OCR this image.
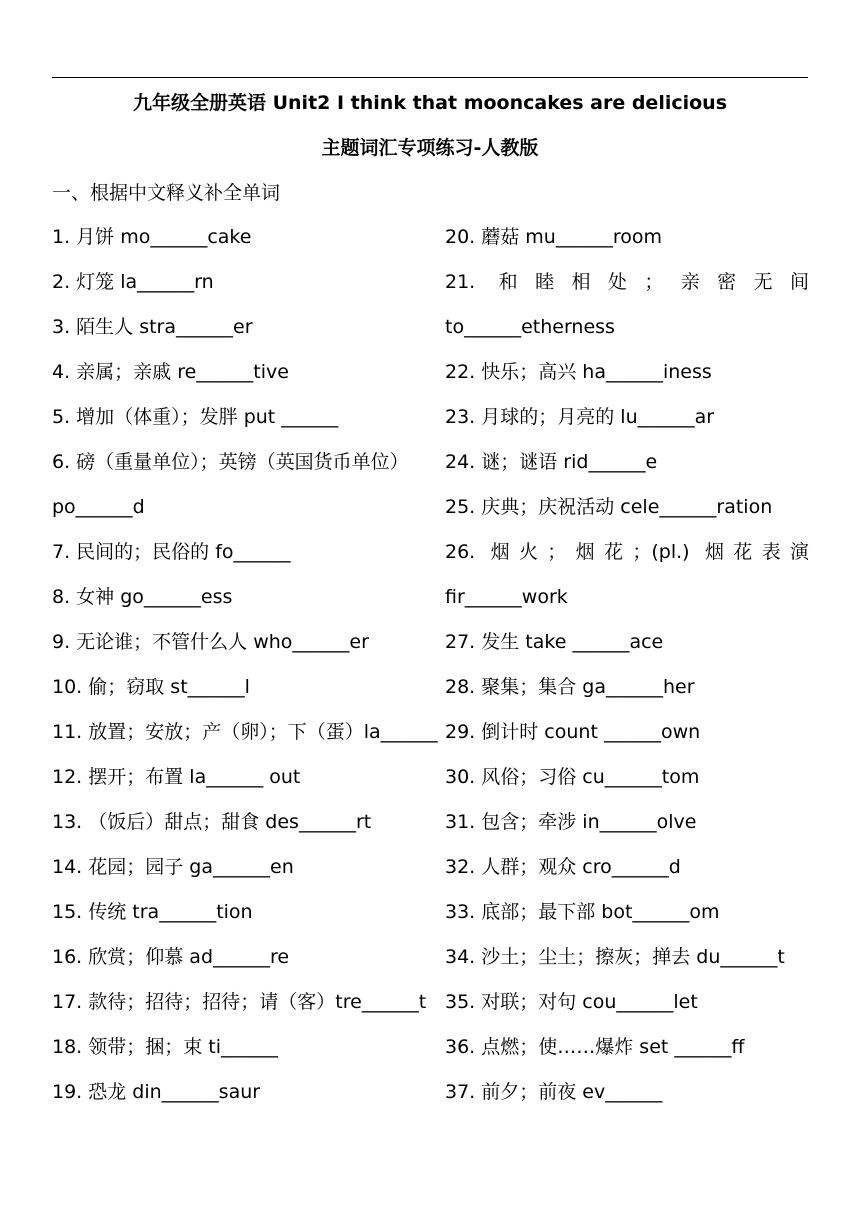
九年级全册英语 Unit2 I think that mooncakes are delicious
主题词汇专项练习-人教版
一、根据中文释义补全单词
1. 月饼 mo______cake
2. 灯笼 la______rn
3. 陌生人 stra______er
4. 亲属；亲戚 re______tive
5. 增加（体重）；发胖 put ______
6. 磅（重量单位）；英镑（英国货币单位）
po______d
7. 民间的；民俗的 fo______
8. 女神 go______ess
9. 无论谁；不管什么人 who______er
10. 偷；窃取 st______l
11. 放置；安放；产（卵）；下（蛋）la______
12. 摆开；布置 la______ out
13. （饭后）甜点；甜食 des______rt
14. 花园；园子 ga______en
15. 传统 tra______tion
16. 欣赏；仰慕 ad______re
17. 款待；招待；招待；请（客）tre______t
18. 领带；捆；束 ti______
19. 恐龙 din______saur
20. 蘑菇 mu______room
21. 和睦相处；亲密无间
to______etherness
22. 快乐；高兴 ha______iness
23. 月球的；月亮的 lu______ar
24. 谜；谜语 rid______e
25. 庆典；庆祝活动 cele______ration
26. 烟火；烟花；(pl.) 烟花表演
fir______work
27. 发生 take ______ace
28. 聚集；集合 ga______her
29. 倒计时 count ______own
30. 风俗；习俗 cu______tom
31. 包含；牵涉 in______olve
32. 人群；观众 cro______d
33. 底部；最下部 bot______om
34. 沙土；尘土；擦灰；掸去 du______t
35. 对联；对句 cou______let
36. 点燃；使……爆炸 set ______ff
37. 前夕；前夜 ev______
